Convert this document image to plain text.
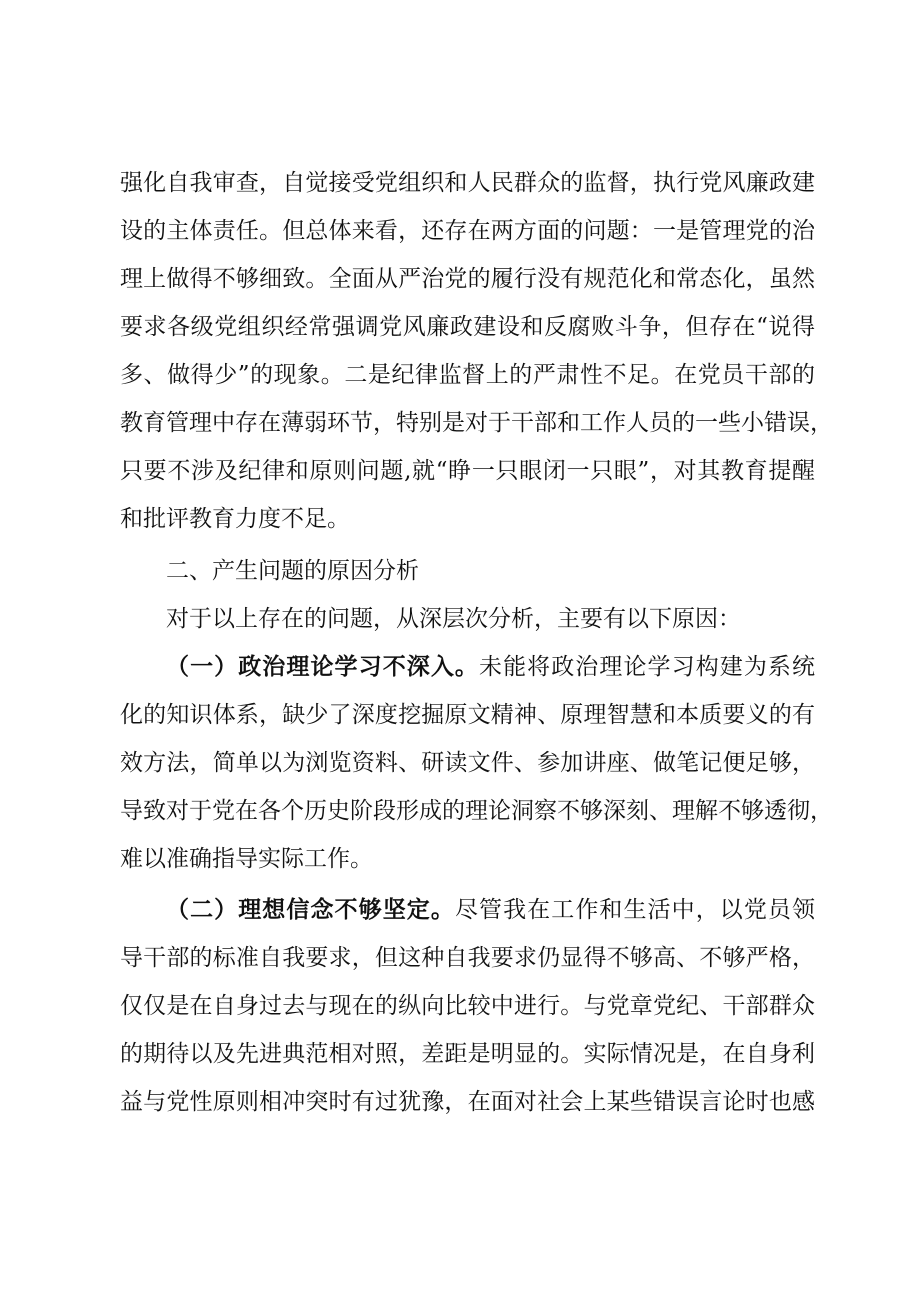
强化自我审查，自觉接受党组织和人民群众的监督，执行党风廉政建
设的主体责任。但总体来看，还存在两方面的问题：一是管理党的治
理上做得不够细致。全面从严治党的履行没有规范化和常态化，虽然
要求各级党组织经常强调党风廉政建设和反腐败斗争，但存在“说得
多、做得少”的现象。二是纪律监督上的严肃性不足。在党员干部的
教育管理中存在薄弱环节，特别是对于干部和工作人员的一些小错误，
只要不涉及纪律和原则问题,就“睁一只眼闭一只眼”，对其教育提醒
和批评教育力度不足。
二、产生问题的原因分析
对于以上存在的问题，从深层次分析，主要有以下原因：
（一）政治理论学习不深入。未能将政治理论学习构建为系统
化的知识体系，缺少了深度挖掘原文精神、原理智慧和本质要义的有
效方法，简单以为浏览资料、研读文件、参加讲座、做笔记便足够，
导致对于党在各个历史阶段形成的理论洞察不够深刻、理解不够透彻，
难以准确指导实际工作。
（二）理想信念不够坚定。尽管我在工作和生活中，以党员领
导干部的标准自我要求，但这种自我要求仍显得不够高、不够严格，
仅仅是在自身过去与现在的纵向比较中进行。与党章党纪、干部群众
的期待以及先进典范相对照，差距是明显的。实际情况是，在自身利
益与党性原则相冲突时有过犹豫，在面对社会上某些错误言论时也感
